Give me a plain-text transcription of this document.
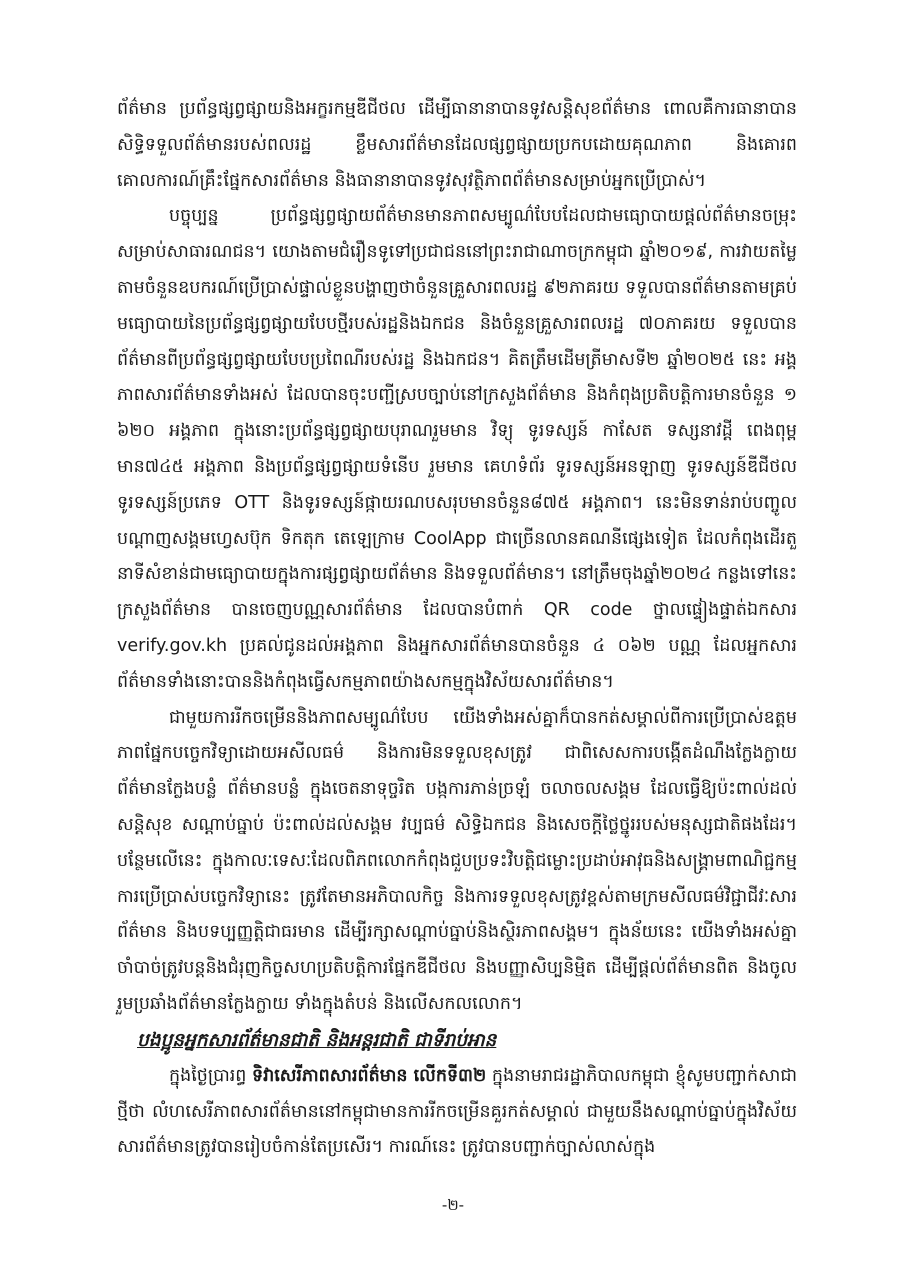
ព័ត៌មាន ប្រព័ន្ធផ្សព្វផ្សាយនិងអក្ខរកម្មឌីជីថល ដើម្បីធានានាបានទូវសន្តិសុខព័ត៌មាន ពោលគឺការធានាបានសិទ្ធិទទួលព័ត៌មានរបស់ពលរដ្ឋ ខ្លឹមសារព័ត៌មានដែលផ្សព្វផ្សាយប្រកបដោយគុណភាព និងគោរពគោលការណ៍គ្រឹះផ្នែកសារព័ត៌មាន និងធានានាបានទូវសុវត្ថិភាពព័ត៌មានសម្រាប់អ្នកប្រើប្រាស់។

បច្ចុប្បន្ន ប្រព័ន្ធផ្សព្វផ្សាយព័ត៌មានមានភាពសម្បូណ៌បែបដែលជាមធ្យោបាយផ្តល់ព័ត៌មានចម្រុះសម្រាប់សាធារណជន។ យោងតាមជំរឿនទូទៅប្រជាជននៅព្រះរាជាណាចក្រកម្ពុជា ឆ្នាំ២០១៩, ការវាយតម្លៃតាមចំនួនឧបករណ៍ប្រើប្រាស់ផ្ទាល់ខ្លួនបង្ហាញថាចំនួនគ្រួសារពលរដ្ឋ ៩២ភាគរយ ទទួលបានព័ត៌មានតាមគ្រប់មធ្យោបាយនៃប្រព័ន្ធផ្សព្វផ្សាយបែបថ្មីរបស់រដ្ឋនិងឯកជន និងចំនួនគ្រួសារពលរដ្ឋ ៧០ភាគរយ ទទួលបានព័ត៌មានពីប្រព័ន្ធផ្សព្វផ្សាយបែបប្រពៃណីរបស់រដ្ឋ និងឯកជន។ គិតត្រឹមដើមត្រីមាសទី២ ឆ្នាំ២០២៥ នេះ អង្គភាពសារព័ត៌មានទាំងអស់ ដែលបានចុះបញ្ជីស្របច្បាប់នៅក្រសួងព័ត៌មាន និងកំពុងប្រតិបត្តិការមានចំនួន ១ ៦២០ អង្គភាព ក្នុងនោះប្រព័ន្ធផ្សព្វផ្សាយបុរាណរួមមាន វិទ្យុ ទូរទស្សន៍ កាសែត ទស្សនាវដ្តី ពេងពុម្ព មាន៧៤៥ អង្គភាព និងប្រព័ន្ធផ្សព្វផ្សាយទំនើប រួមមាន គេហទំព័រ ទូរទស្សន៍អនឡាញ ទូរទស្សន៍ឌីជីថល ទូរទស្សន៍ប្រភេទ OTT និងទូរទស្សន៍ផ្កាយរណបសរុបមានចំនួន៨៧៥ អង្គភាព។ នេះមិនទាន់រាប់បញ្ចូលបណ្តាញសង្គមហ្វេសប៊ុក ទិកតុក តេឡេក្រាម CoolApp ជាច្រើនលានគណនីផ្សេងទៀត ដែលកំពុងដើរតួនាទីសំខាន់ជាមធ្យោបាយក្នុងការផ្សព្វផ្សាយព័ត៌មាន និងទទួលព័ត៌មាន។ នៅត្រឹមចុងឆ្នាំ២០២៤ កន្លងទៅនេះ ក្រសួងព័ត៌មាន បានចេញបណ្ណសារព័ត៌មាន ដែលបានបំពាក់ QR code ថ្នាលផ្ទៀងផ្ទាត់ឯកសារ verify.gov.kh ប្រគល់ជូនដល់អង្គភាព និងអ្នកសារព័ត៌មានបានចំនួន ៤ ០៦២ បណ្ណ ដែលអ្នកសារព័ត៌មានទាំងនោះបាននិងកំពុងធ្វើសកម្មភាពយ៉ាងសកម្មក្នុងវិស័យសារព័ត៌មាន។

ជាមួយការរីកចម្រើននិងភាពសម្បូណ៌បែប យើងទាំងអស់គ្នាក៏បានកត់សម្គាល់ពីការប្រើប្រាស់ឧត្តមភាពផ្នែកបច្ចេកវិទ្យាដោយអសីលធម៌ និងការមិនទទួលខុសត្រូវ ជាពិសេសការបង្កើតដំណឹងក្លែងក្លាយ ព័ត៌មានក្លែងបន្លំ ព័ត៌មានបន្លំ ក្នុងចេតនាទុច្ចរិត បង្កការភាន់ច្រឡំ ចលាចលសង្គម ដែលធ្វើឱ្យប៉ះពាល់ដល់សន្តិសុខ សណ្តាប់ធ្នាប់ ប៉ះពាល់ដល់សង្គម វប្បធម៌ សិទ្ធិឯកជន និងសេចក្តីថ្លៃថ្នូររបស់មនុស្សជាតិផងដែរ។ បន្ថែមលើនេះ ក្នុងកាលៈទេសៈដែលពិភពលោកកំពុងជួបប្រទះវិបត្តិជម្លោះប្រដាប់អាវុធនិងសង្គ្រាមពាណិជ្ជកម្ម ការប្រើប្រាស់បច្ចេកវិទ្យានេះ ត្រូវតែមានអភិបាលកិច្ច និងការទទួលខុសត្រូវខ្ពស់តាមក្រមសីលធម៌វិជ្ជាជីវៈសារព័ត៌មាន និងបទប្បញ្ញត្តិជាធរមាន ដើម្បីរក្សាសណ្តាប់ធ្នាប់និងស្ថិរភាពសង្គម។ ក្នុងន័យនេះ យើងទាំងអស់គ្នា ចាំបាច់ត្រូវបន្តនិងជំរុញកិច្ចសហប្រតិបត្តិការផ្នែកឌីជីថល និងបញ្ញាសិប្បនិម្មិត ដើម្បីផ្តល់ព័ត៌មានពិត និងចូលរួមប្រឆាំងព័ត៌មានក្លែងក្លាយ ទាំងក្នុងតំបន់ និងលើសកលលោក។

បងប្អូនអ្នកសារព័ត៌មានជាតិ និងអន្តរជាតិ ជាទីរាប់អាន

ក្នុងថ្ងៃប្រារព្ធ ទិវាសេរីភាពសារព័ត៌មាន លើកទី៣២ ក្នុងនាមរាជរដ្ឋាភិបាលកម្ពុជា ខ្ញុំសូមបញ្ជាក់សាជាថ្មីថា លំហសេរីភាពសារព័ត៌មាននៅកម្ពុជាមានការរីកចម្រើនគួរកត់សម្គាល់ ជាមួយនឹងសណ្តាប់ធ្នាប់ក្នុងវិស័យសារព័ត៌មានត្រូវបានរៀបចំកាន់តែប្រសើរ។ ការណ៍នេះ ត្រូវបានបញ្ជាក់ច្បាស់លាស់ក្នុង

-២-
